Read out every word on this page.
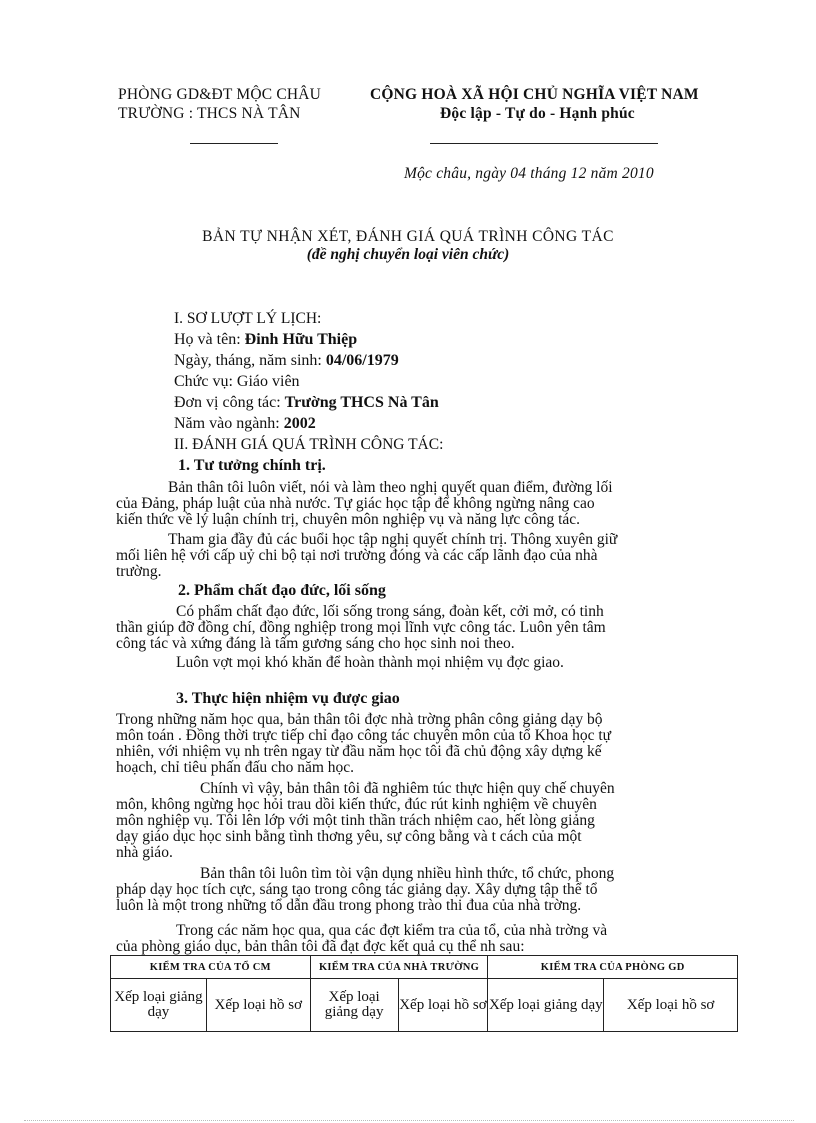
PHÒNG GD&ĐT MỘC CHÂU
TRƯỜNG : THCS NÀ TÂN
CỘNG HOÀ XÃ HỘI CHỦ NGHĨA VIỆT NAM
Độc lập - Tự do - Hạnh phúc
Mộc châu, ngày 04 tháng 12 năm 2010
BẢN TỰ NHẬN XÉT, ĐÁNH GIÁ QUÁ TRÌNH CÔNG TÁC
(đề nghị chuyển loại viên chức)
I. SƠ LƯỢT LÝ LỊCH:
Họ và tên: Đinh Hữu Thiệp
Ngày, tháng, năm sinh: 04/06/1979
Chức vụ: Giáo viên
Đơn vị công tác: Trường THCS Nà Tân
Năm vào ngành: 2002
II. ĐÁNH GIÁ QUÁ TRÌNH CÔNG TÁC:
1. Tư tưởng chính trị.
Bản thân tôi luôn viết, nói và làm theo nghị quyết quan điểm, đường lối
của Đảng, pháp luật của nhà nước. Tự giác học tập để không ngừng nâng cao
kiến thức về lý luận chính trị, chuyên môn nghiệp vụ và năng lực công tác.
Tham gia đầy đủ các buổi học tập nghị quyết chính trị. Thông xuyên giữ
mối liên hệ với cấp uỷ chi bộ tại nơi trường đóng và các cấp lãnh đạo của nhà
trường.
2. Phẩm chất đạo đức, lối sống
Có phẩm chất đạo đức, lối sống trong sáng, đoàn kết, cởi mở, có tinh
thần giúp đỡ đồng chí, đồng nghiệp trong mọi lĩnh vực công tác. Luôn yên tâm
công tác và xứng đáng là tấm gương sáng cho học sinh noi theo.
Luôn vợt mọi khó khăn để hoàn thành mọi nhiệm vụ đợc giao.
3. Thực hiện nhiệm vụ được giao
Trong những năm học qua, bản thân tôi đợc nhà trờng phân công giảng dạy bộ
môn toán . Đồng thời trực tiếp chỉ đạo công tác chuyên môn của tổ Khoa học tự
nhiên, với nhiệm vụ nh trên ngay từ đầu năm học tôi đã chủ động xây dựng kế
hoạch, chỉ tiêu phấn đấu cho năm học.
Chính vì vậy, bản thân tôi đã nghiêm túc thực hiện quy chế chuyên
môn, không ngừng học hỏi trau dồi kiến thức, đúc rút kinh nghiệm về chuyên
môn nghiệp vụ. Tôi lên lớp với một tinh thần trách nhiệm cao, hết lòng giảng
dạy giáo dục học sinh bằng tình thơng yêu, sự công bằng và t cách của một
nhà giáo.
Bản thân tôi luôn tìm tòi vận dụng nhiều hình thức, tổ chức, phong
pháp dạy học tích cực, sáng tạo trong công tác giảng dạy. Xây dựng tập thể tổ
luôn là một trong những tổ dẫn đầu trong phong trào thi đua của nhà trờng.
Trong các năm học qua, qua các đợt kiểm tra của tổ, của nhà trờng và
của phòng giáo dục, bản thân tôi đã đạt đợc kết quả cụ thể nh sau:
KIỂM TRA CỦA TỔ CM		KIỂM TRA CỦA NHÀ TRƯỜNG		KIỂM TRA CỦA PHÒNG GD	
Xếp loại giảng dạy	Xếp loại hồ sơ	Xếp loại giảng dạy	Xếp loại hồ sơ	Xếp loại giảng dạy	Xếp loại hồ sơ
